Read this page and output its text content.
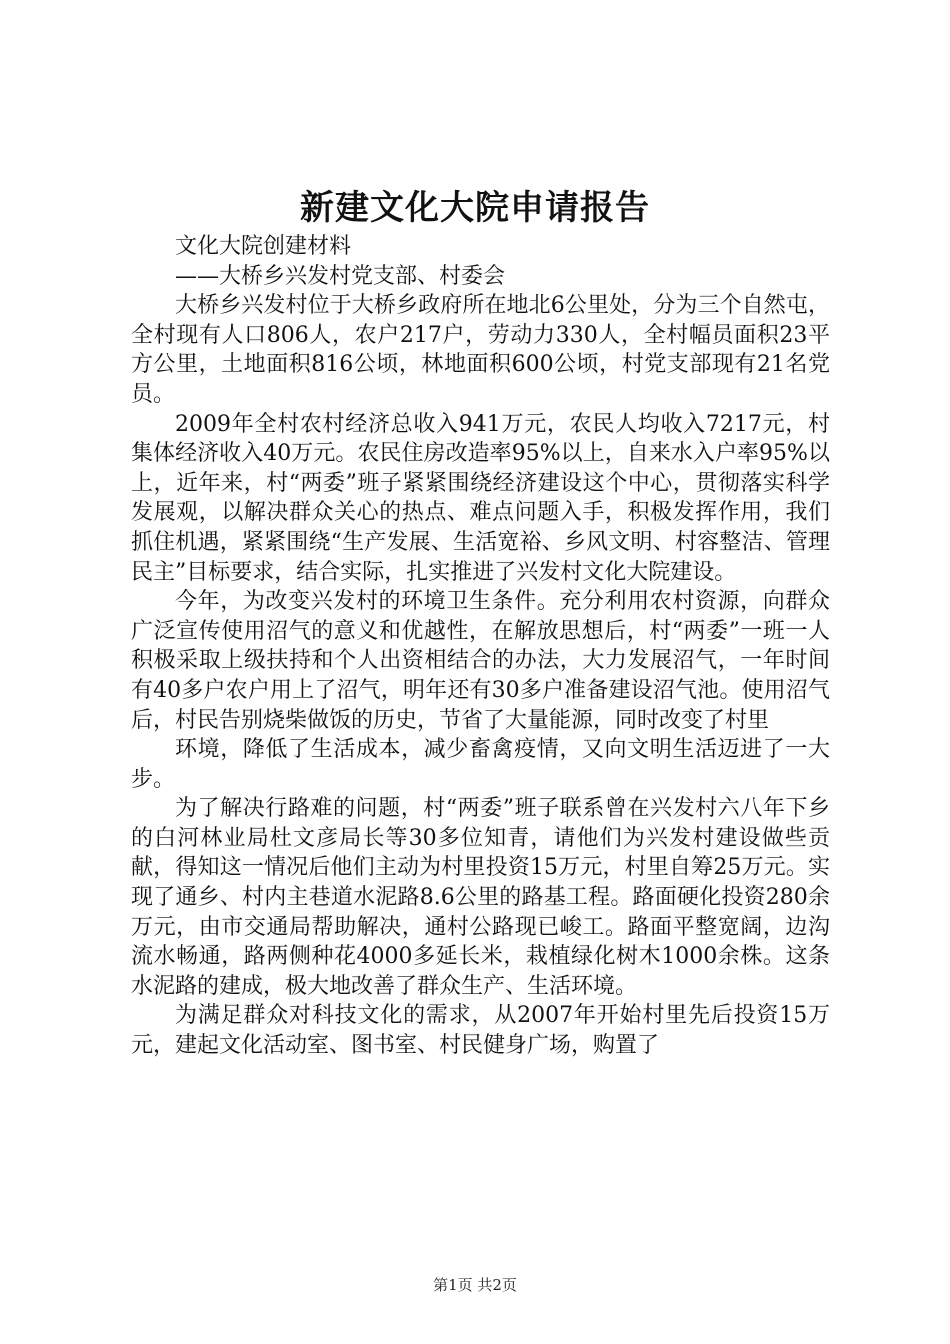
新建文化大院申请报告

文化大院创建材料

——大桥乡兴发村党支部、村委会

大桥乡兴发村位于大桥乡政府所在地北6公里处，分为三个自然屯，全村现有人口806人，农户217户，劳动力330人，全村幅员面积23平方公里，土地面积816公顷，林地面积600公顷，村党支部现有21名党员。

2009年全村农村经济总收入941万元，农民人均收入7217元，村集体经济收入40万元。农民住房改造率95%以上，自来水入户率95%以上，近年来，村“两委”班子紧紧围绕经济建设这个中心，贯彻落实科学发展观，以解决群众关心的热点、难点问题入手，积极发挥作用，我们抓住机遇，紧紧围绕“生产发展、生活宽裕、乡风文明、村容整洁、管理民主”目标要求，结合实际，扎实推进了兴发村文化大院建设。

今年，为改变兴发村的环境卫生条件。充分利用农村资源，向群众广泛宣传使用沼气的意义和优越性，在解放思想后，村“两委”一班一人积极采取上级扶持和个人出资相结合的办法，大力发展沼气，一年时间有40多户农户用上了沼气，明年还有30多户准备建设沼气池。使用沼气后，村民告别烧柴做饭的历史，节省了大量能源，同时改变了村里

环境，降低了生活成本，减少畜禽疫情，又向文明生活迈进了一大步。

为了解决行路难的问题，村“两委”班子联系曾在兴发村六八年下乡的白河林业局杜文彦局长等30多位知青，请他们为兴发村建设做些贡献，得知这一情况后他们主动为村里投资15万元，村里自筹25万元。实现了通乡、村内主巷道水泥路8.6公里的路基工程。路面硬化投资280余万元，由市交通局帮助解决，通村公路现已峻工。路面平整宽阔，边沟流水畅通，路两侧种花4000多延长米，栽植绿化树木1000余株。这条水泥路的建成，极大地改善了群众生产、生活环境。

为满足群众对科技文化的需求，从2007年开始村里先后投资15万元，建起文化活动室、图书室、村民健身广场，购置了

第1页 共2页
